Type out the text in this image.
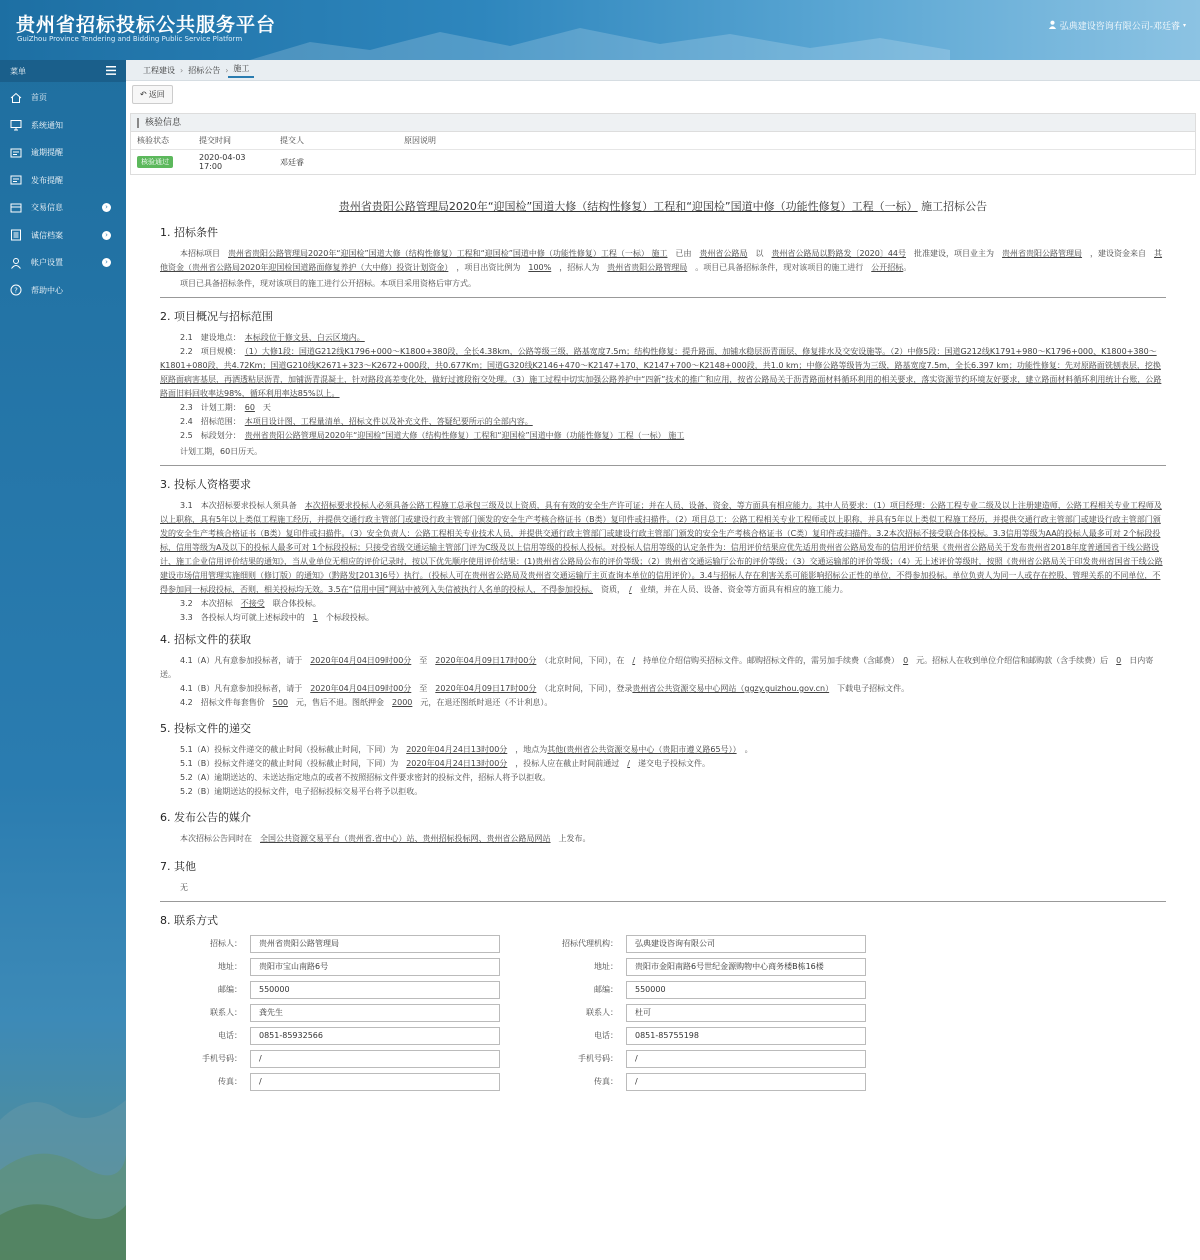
贵州省招标投标公共服务平台
GuiZhou Province Tendering and Bidding Public Service Platform
弘典建设咨询有限公司-邓廷睿 ▾
菜单
首页
系统通知
逾期提醒
发布提醒
交易信息	›
诚信档案	›
帐户设置	›
? 帮助中心
工程建设 › 招标公告 › 施工
↶ 返回
核验信息
核验状态	提交时间	提交人	原因说明
核验通过	2020-04-03 17:00	邓廷睿	
贵州省贵阳公路管理局2020年“迎国检”国道大修（结构性修复）工程和“迎国检”国道中修（功能性修复）工程（一标） 施工招标公告
1. 招标条件
本招标项目　 贵州省贵阳公路管理局2020年“迎国检”国道大修（结构性修复）工程和“迎国检”国道中修（功能性修复）工程（一标） 施工　 已由　 贵州省公路局　 以　 贵州省公路局以黔路发〔2020〕44号　 批准建设，项目业主为　 贵州省贵阳公路管理局　 ，建设资金来自　 其他资金（贵州省公路局2020年迎国检国道路面修复养护（大中修）投资计划资金）　 ，项目出资比例为　 100%　 ，招标人为　 贵州省贵阳公路管理局　 。项目已具备招标条件，现对该项目的施工进行　 公开招标。
项目已具备招标条件，现对该项目的施工进行公开招标。本项目采用资格后审方式。
2. 项目概况与招标范围
2.1　建设地点：　 本标段位于修文县、白云区境内。
2.2　项目规模：　 （1）大修1段：国道G212线K1796+000～K1800+380段，全长4.38km，公路等级三级，路基宽度7.5m；结构性修复：提升路面、加铺水稳层沥青面层、修复排水及交安设施等。（2）中修5段：国道G212线K1791+980～K1796+000、K1800+380～K1801+080段，共4.72Km；国道G210线K2671+323～K2672+000段，共0.677Km；国道G320线K2146+470～K2147+170、K2147+700～K2148+000段，共1.0 km；中修公路等级皆为三级，路基宽度7.5m，全长6.397 km；功能性修复：先对原路面铣刨表层，挖换原路面病害基层，再洒透粘层沥青，加铺沥青混凝土，针对路段高差变化处，做好过渡段衔交处理。（3）施工过程中切实加强公路养护中“四新”技术的推广和应用，按省公路局关于沥青路面材料循环利用的相关要求，落实资源节约环境友好要求，建立路面材料循环利用统计台账，公路路面旧料回收率达98%，循环利用率达85%以上。
2.3　计划工期：　 60　 天
2.4　招标范围：　 本项目设计图、工程量清单、招标文件以及补充文件、答疑纪要所示的全部内容。
2.5　标段划分：　 贵州省贵阳公路管理局2020年“迎国检”国道大修（结构性修复）工程和“迎国检”国道中修（功能性修复）工程（一标） 施工
计划工期，60日历天。
3. 投标人资格要求
3.1　本次招标要求投标人须具备　 本次招标要求投标人必须具备公路工程施工总承包三级及以上资质，具有有效的安全生产许可证；并在人员、设备、资金、等方面具有相应能力。其中人员要求：（1）项目经理：公路工程专业二级及以上注册建造师，公路工程相关专业工程师及以上职称，具有5年以上类似工程施工经历，并提供交通行政主管部门或建设行政主管部门颁发的安全生产考核合格证书（B类）复印件或扫描件。（2）项目总工：公路工程相关专业工程师或以上职称，并具有5年以上类似工程施工经历，并提供交通行政主管部门或建设行政主管部门颁发的安全生产考核合格证书（B类）复印件或扫描件。（3）安全负责人：公路工程相关专业技术人员，并提供交通行政主管部门或建设行政主管部门颁发的安全生产考核合格证书（C类）复印件或扫描件。3.2本次招标不接受联合体投标。3.3信用等级为AA的投标人最多可对 2个标段投标，信用等级为A及以下的投标人最多可对 1个标段投标；只接受省级交通运输主管部门评为C级及以上信用等级的投标人投标。对投标人信用等级的认定条件为：信用评价结果应优先适用贵州省公路局发布的信用评价结果《贵州省公路局关于发布贵州省2018年度普通国省干线公路设计、施工企业信用评价结果的通知》，当从业单位无相应的评价记录时，按以下优先顺序使用评价结果：(1)贵州省公路局公布的评价等级；（2）贵州省交通运输厅公布的评价等级；（3）交通运输部的评价等级；（4）无上述评价等级时，按照《贵州省公路局关于印发贵州省国省干线公路建设市场信用管理实施细则（修订版）的通知》（黔路发[2013]6号）执行。（投标人可在贵州省公路局及贵州省交通运输厅主页查询本单位的信用评价）。3.4与招标人存在利害关系可能影响招标公正性的单位，不得参加投标。单位负责人为同一人或存在控股、管理关系的不同单位，不得参加同一标段投标，否则，相关投标均无效。3.5在“信用中国”网站中被列入失信被执行人名单的投标人，不得参加投标。　 资质，　 /　 业绩，并在人员、设备、资金等方面具有相应的施工能力。
3.2　本次招标　 不接受　 联合体投标。
3.3　各投标人均可就上述标段中的　 1　 个标段投标。
4. 招标文件的获取
4.1（A）凡有意参加投标者，请于　 2020年04月04日09时00分　 至　 2020年04月09日17时00分　 （北京时间，下同），在　 /　 持单位介绍信购买招标文件。邮购招标文件的，需另加手续费（含邮费）　 0　 元。招标人在收到单位介绍信和邮购款（含手续费）后　 0　 日内寄送。
4.1（B）凡有意参加投标者，请于　 2020年04月04日09时00分　 至　 2020年04月09日17时00分　 （北京时间，下同），登录贵州省公共资源交易中心网站（ggzy.guizhou.gov.cn）　 下载电子招标文件。
4.2　招标文件每套售价　 500　 元，售后不退。图纸押金　 2000　 元，在退还图纸时退还（不计利息）。
5. 投标文件的递交
5.1（A）投标文件递交的截止时间（投标截止时间，下同）为　 2020年04月24日13时00分　 ，地点为其他(贵州省公共资源交易中心（贵阳市遵义路65号））　 。
5.1（B）投标文件递交的截止时间（投标截止时间，下同）为　 2020年04月24日13时00分　 ，投标人应在截止时间前通过　 /　 递交电子投标文件。
5.2（A）逾期送达的、未送达指定地点的或者不按照招标文件要求密封的投标文件，招标人将予以拒收。
5.2（B）逾期送达的投标文件，电子招标投标交易平台将予以拒收。
6. 发布公告的媒介
本次招标公告同时在　 全国公共资源交易平台（贵州省.省中心）站、贵州招标投标网、贵州省公路局网站　 上发布。
7. 其他
无
8. 联系方式
招标人：	贵州省贵阳公路管理局	招标代理机构：	弘典建设咨询有限公司
地址：	贵阳市宝山南路6号	地址：	贵阳市金阳南路6号世纪金源购物中心商务楼B栋16楼
邮编：	550000	邮编：	550000
联系人：	龚先生	联系人：	杜可
电话：	0851-85932566	电话：	0851-85755198
手机号码：	/	手机号码：	/
传真：	/	传真：	/
